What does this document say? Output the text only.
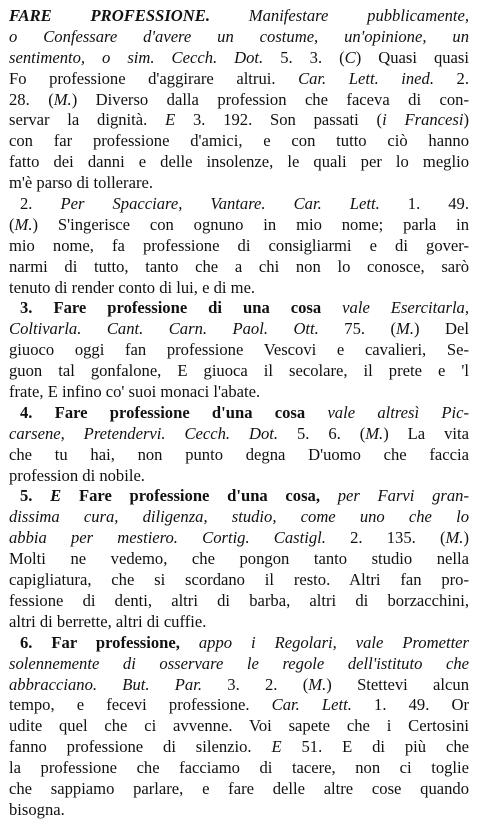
FARE PROFESSIONE. Manifestare pubblicamente,
o Confessare d'avere un costume, un'opinione, un
sentimento, o sim. Cecch. Dot. 5. 3. (C) Quasi quasi
Fo professione d'aggirare altrui. Car. Lett. ined. 2.
28. (M.) Diverso dalla profession che faceva di con-
servar la dignità. E 3. 192. Son passati (i Francesi)
con far professione d'amici, e con tutto ciò hanno
fatto dei danni e delle insolenze, le quali per lo meglio
m'è parso di tollerare.
2. Per Spacciare, Vantare. Car. Lett. 1. 49.
(M.) S'ingerisce con ognuno in mio nome; parla in
mio nome, fa professione di consigliarmi e di gover-
narmi di tutto, tanto che a chi non lo conosce, sarò
tenuto di render conto di lui, e di me.
3. Fare professione di una cosa vale Esercitarla,
Coltivarla. Cant. Carn. Paol. Ott. 75. (M.) Del
giuoco oggi fan professione Vescovi e cavalieri, Se-
guon tal gonfalone, E giuoca il secolare, il prete e 'l
frate, E infino co' suoi monaci l'abate.
4. Fare professione d'una cosa vale altresì Pic-
carsene, Pretendervi. Cecch. Dot. 5. 6. (M.) La vita
che tu hai, non punto degna D'uomo che faccia
profession di nobile.
5. E Fare professione d'una cosa, per Farvi gran-
dissima cura, diligenza, studio, come uno che lo
abbia per mestiero. Cortig. Castigl. 2. 135. (M.)
Molti ne vedemo, che pongon tanto studio nella
capigliatura, che si scordano il resto. Altri fan pro-
fessione di denti, altri di barba, altri di borzacchini,
altri di berrette, altri di cuffie.
6. Far professione, appo i Regolari, vale Prometter
solennemente di osservare le regole dell'istituto che
abbracciano. But. Par. 3. 2. (M.) Stettevi alcun
tempo, e fecevi professione. Car. Lett. 1. 49. Or
udite quel che ci avvenne. Voi sapete che i Certosini
fanno professione di silenzio. E 51. E di più che
la professione che facciamo di tacere, non ci toglie
che sappiamo parlare, e fare delle altre cose quando
bisogna.
